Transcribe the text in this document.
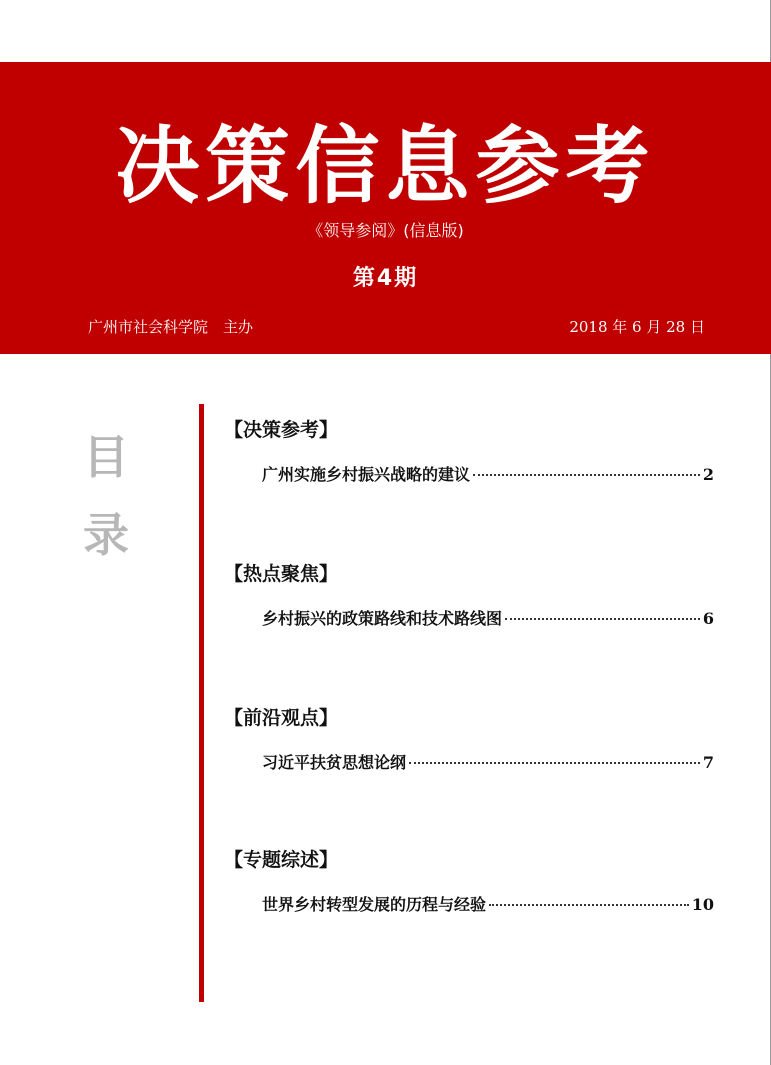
决策信息参考
《领导参阅》(信息版)
第4期
广州市社会科学院　主办	2018 年 6 月 28 日
目
录
【决策参考】
广州实施乡村振兴战略的建议	2
【热点聚焦】
乡村振兴的政策路线和技术路线图	6
【前沿观点】
习近平扶贫思想论纲	7
【专题综述】
世界乡村转型发展的历程与经验	10
